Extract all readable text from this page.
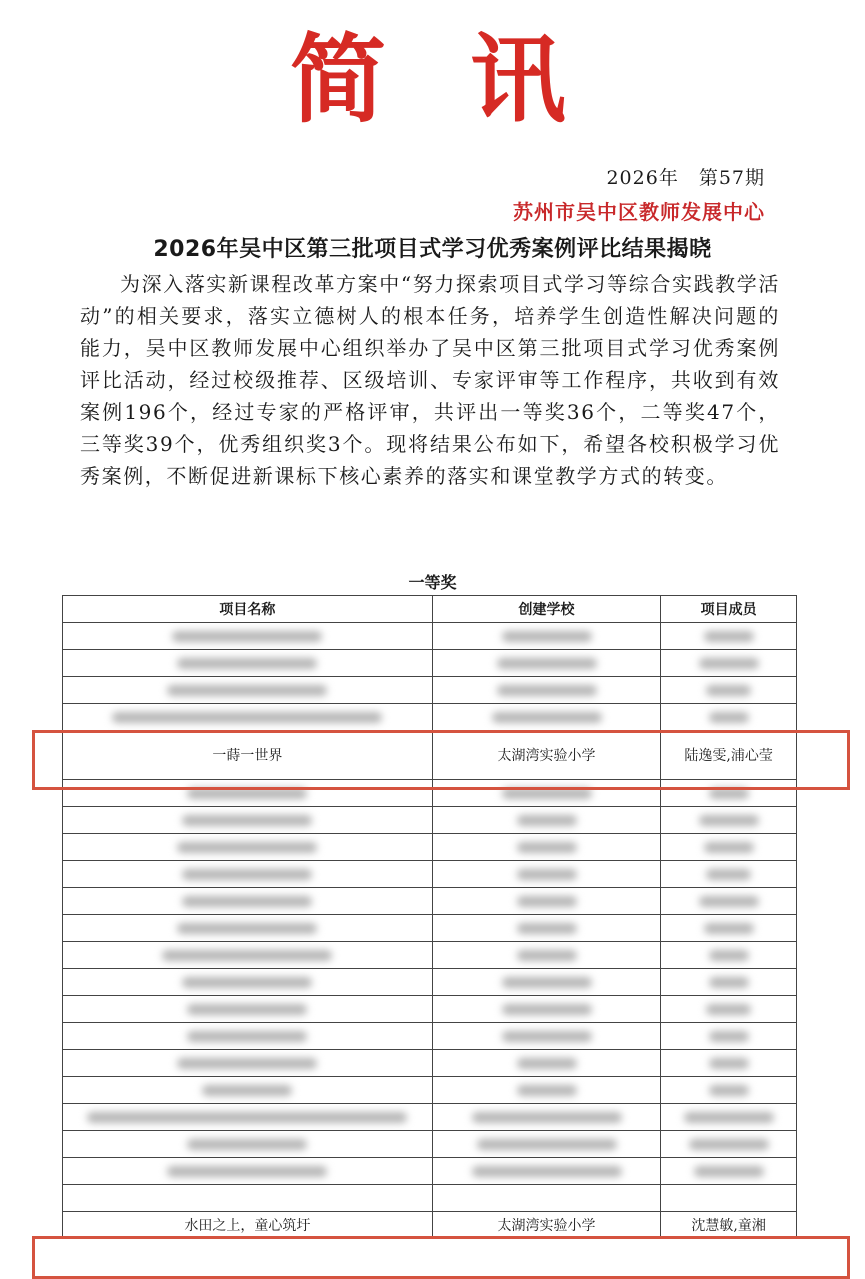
简 讯
2026年　第57期
苏州市吴中区教师发展中心
2026年吴中区第三批项目式学习优秀案例评比结果揭晓

为深入落实新课程改革方案中“努力探索项目式学习等综合实践教学活动”的相关要求，落实立德树人的根本任务，培养学生创造性解决问题的能力，吴中区教师发展中心组织举办了吴中区第三批项目式学习优秀案例评比活动，经过校级推荐、区级培训、专家评审等工作程序，共收到有效案例196个，经过专家的严格评审，共评出一等奖36个，二等奖47个，三等奖39个，优秀组织奖3个。现将结果公布如下，希望各校积极学习优秀案例，不断促进新课标下核心素养的落实和课堂教学方式的转变。

一等奖
项目名称	创建学校	项目成员

一蒔一世界	太湖湾实验小学	陆逸雯,浦心莹

水田之上，童心筑圩	太湖湾实验小学	沈慧敏,童湘
